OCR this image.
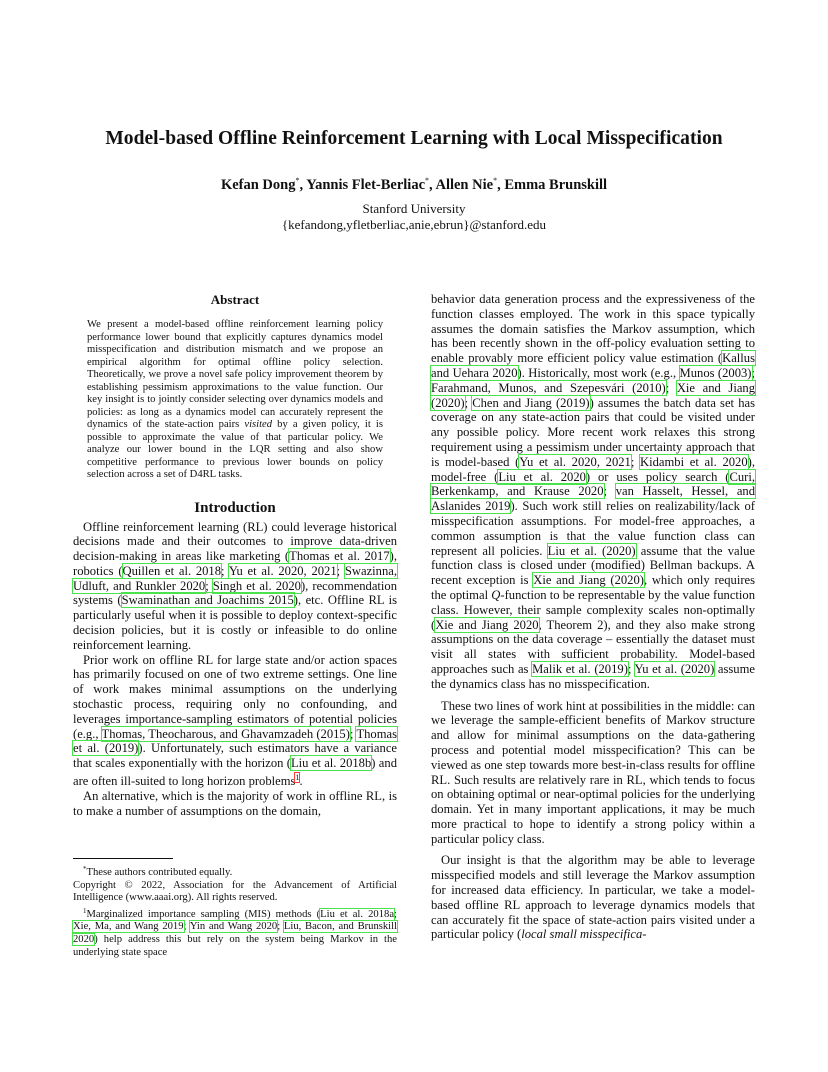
Model-based Offline Reinforcement Learning with Local Misspecification
Kefan Dong*, Yannis Flet-Berliac*, Allen Nie*, Emma Brunskill
Stanford University
{kefandong,yfletberliac,anie,ebrun}@stanford.edu
Abstract
We present a model-based offline reinforcement learning policy performance lower bound that explicitly captures dynamics model misspecification and distribution mismatch and we propose an empirical algorithm for optimal offline policy selection. Theoretically, we prove a novel safe policy improvement theorem by establishing pessimism approximations to the value function. Our key insight is to jointly consider selecting over dynamics models and policies: as long as a dynamics model can accurately represent the dynamics of the state-action pairs visited by a given policy, it is possible to approximate the value of that particular policy. We analyze our lower bound in the LQR setting and also show competitive performance to previous lower bounds on policy selection across a set of D4RL tasks.
Introduction

Offline reinforcement learning (RL) could leverage historical decisions made and their outcomes to improve data-driven decision-making in areas like marketing (Thomas et al. 2017), robotics (Quillen et al. 2018; Yu et al. 2020, 2021; Swazinna, Udluft, and Runkler 2020; Singh et al. 2020), recommendation systems (Swaminathan and Joachims 2015), etc. Offline RL is particularly useful when it is possible to deploy context-specific decision policies, but it is costly or infeasible to do online reinforcement learning.

Prior work on offline RL for large state and/or action spaces has primarily focused on one of two extreme settings. One line of work makes minimal assumptions on the underlying stochastic process, requiring only no confounding, and leverages importance-sampling estimators of potential policies (e.g., Thomas, Theocharous, and Ghavamzadeh (2015); Thomas et al. (2019)). Unfortunately, such estimators have a variance that scales exponentially with the horizon (Liu et al. 2018b) and are often ill-suited to long horizon problems$^1$.

An alternative, which is the majority of work in offline RL, is to make a number of assumptions on the domain,

behavior data generation process and the expressiveness of the function classes employed. The work in this space typically assumes the domain satisfies the Markov assumption, which has been recently shown in the off-policy evaluation setting to enable provably more efficient policy value estimation (Kallus and Uehara 2020). Historically, most work (e.g., Munos (2003); Farahmand, Munos, and Szepesvári (2010); Xie and Jiang (2020); Chen and Jiang (2019)) assumes the batch data set has coverage on any state-action pairs that could be visited under any possible policy. More recent work relaxes this strong requirement using a pessimism under uncertainty approach that is model-based (Yu et al. 2020, 2021; Kidambi et al. 2020), model-free (Liu et al. 2020) or uses policy search (Curi, Berkenkamp, and Krause 2020; van Hasselt, Hessel, and Aslanides 2019). Such work still relies on realizability/lack of misspecification assumptions. For model-free approaches, a common assumption is that the value function class can represent all policies. Liu et al. (2020) assume that the value function class is closed under (modified) Bellman backups. A recent exception is Xie and Jiang (2020), which only requires the optimal Q-function to be representable by the value function class. However, their sample complexity scales non-optimally (Xie and Jiang 2020, Theorem 2), and they also make strong assumptions on the data coverage – essentially the dataset must visit all states with sufficient probability. Model-based approaches such as Malik et al. (2019); Yu et al. (2020) assume the dynamics class has no misspecification.

These two lines of work hint at possibilities in the middle: can we leverage the sample-efficient benefits of Markov structure and allow for minimal assumptions on the data-gathering process and potential model misspecification? This can be viewed as one step towards more best-in-class results for offline RL. Such results are relatively rare in RL, which tends to focus on obtaining optimal or near-optimal policies for the underlying domain. Yet in many important applications, it may be much more practical to hope to identify a strong policy within a particular policy class.

Our insight is that the algorithm may be able to leverage misspecified models and still leverage the Markov assumption for increased data efficiency. In particular, we take a model-based offline RL approach to leverage dynamics models that can accurately fit the space of state-action pairs visited under a particular policy (local small misspecifica-

*These authors contributed equally.

Copyright © 2022, Association for the Advancement of Artificial Intelligence (www.aaai.org). All rights reserved.

$^1$Marginalized importance sampling (MIS) methods (Liu et al. 2018a; Xie, Ma, and Wang 2019; Yin and Wang 2020; Liu, Bacon, and Brunskill 2020) help address this but rely on the system being Markov in the underlying state space
